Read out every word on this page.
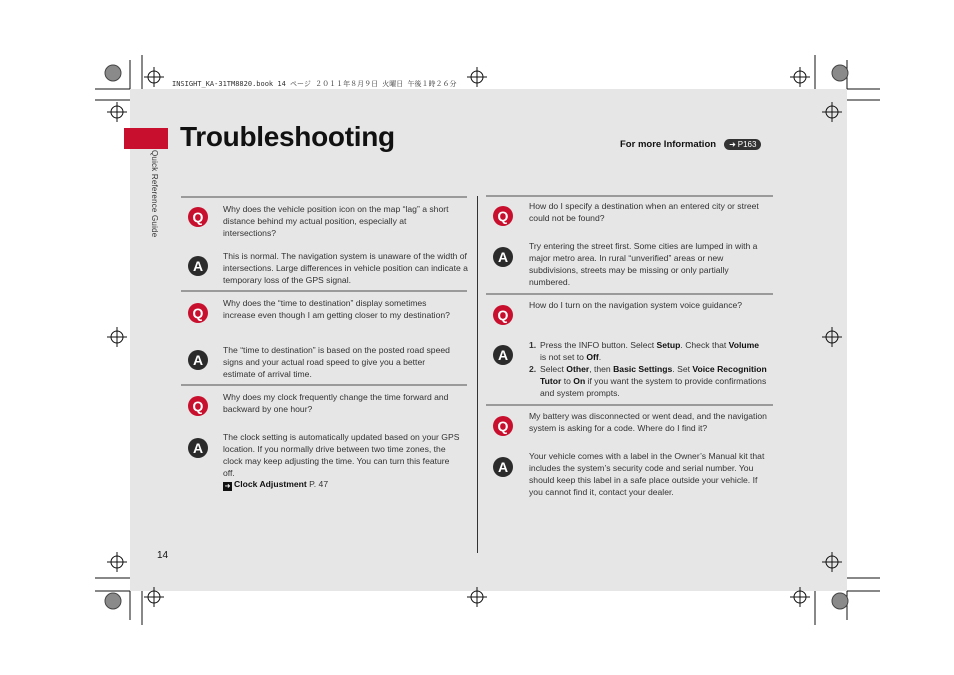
INSIGHT_KA-31TM8820.book 14 ページ ２０１１年８月９日 火曜日 午後１時２６分
Quick Reference Guide
Troubleshooting	For more Information ➜ P163
Q	Why does the vehicle position icon on the map “lag” a short distance behind my actual position, especially at intersections?
A
This is normal. The navigation system is unaware of the width of intersections. Large differences in vehicle position can indicate a temporary loss of the GPS signal.
Q
Why does the “time to destination” display sometimes increase even though I am getting closer to my destination?
A
The “time to destination” is based on the posted road speed signs and your actual road speed to give you a better estimate of arrival time.
Q
Why does my clock frequently change the time forward and backward by one hour?
A
The clock setting is automatically updated based on your GPS location. If you normally drive between two time zones, the clock may keep adjusting the time. You can turn this feature off.
➜ Clock Adjustment P. 47
Q
How do I specify a destination when an entered city or street could not be found?
A
Try entering the street first. Some cities are lumped in with a major metro area. In rural “unverified” areas or new subdivisions, streets may be missing or only partially numbered.
Q
How do I turn on the navigation system voice guidance?
A
1. Press the INFO button. Select Setup. Check that Volume is not set to Off.
2. Select Other, then Basic Settings. Set Voice Recognition Tutor to On if you want the system to provide confirmations and system prompts.
Q
My battery was disconnected or went dead, and the navigation system is asking for a code. Where do I find it?
A
Your vehicle comes with a label in the Owner’s Manual kit that includes the system’s security code and serial number. You should keep this label in a safe place outside your vehicle. If you cannot find it, contact your dealer.
14
